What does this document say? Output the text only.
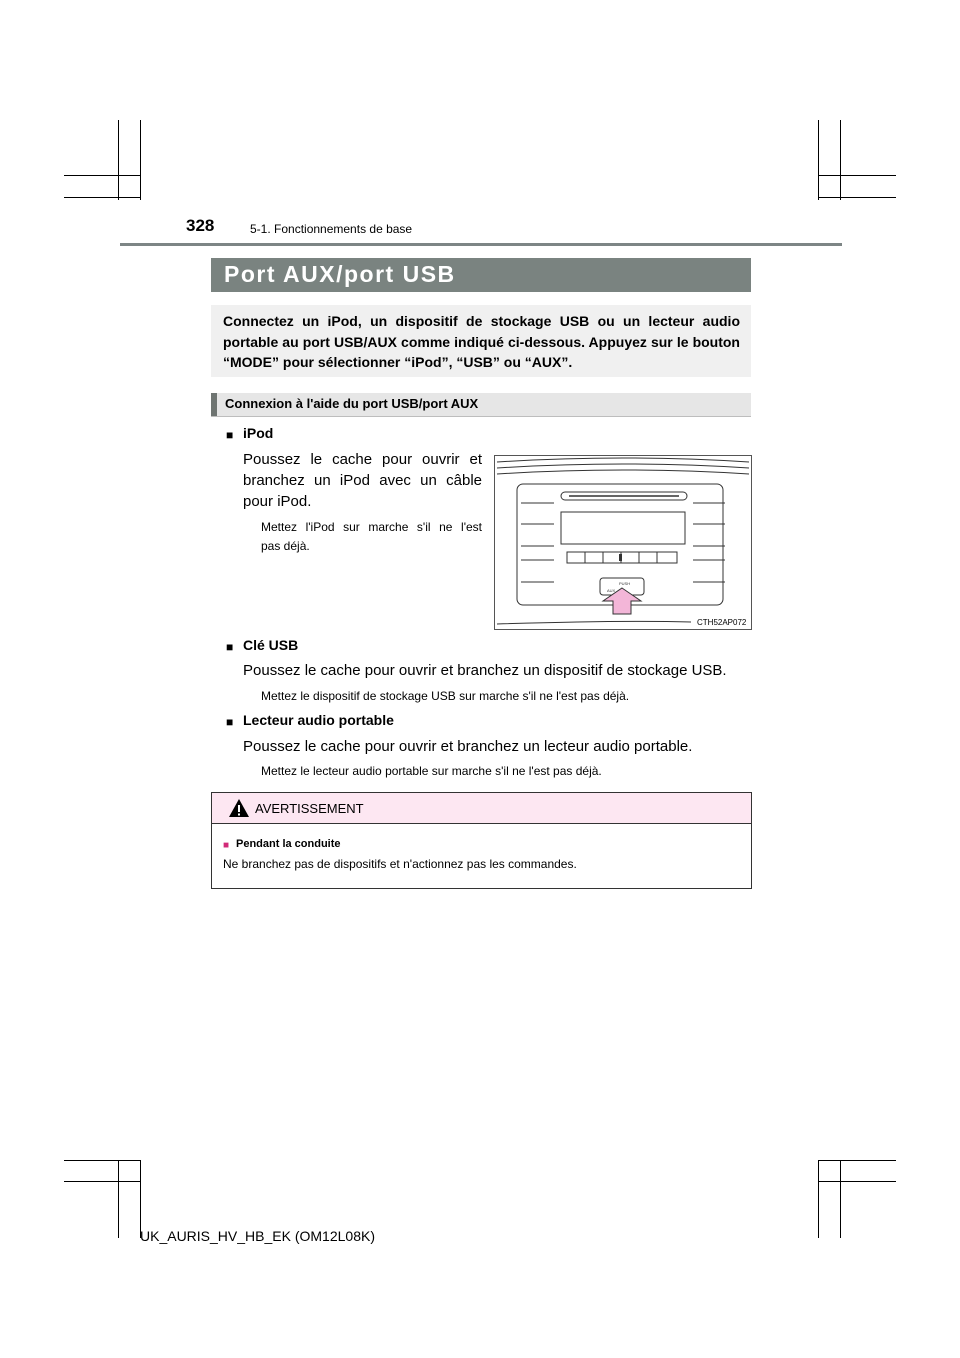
328	5-1. Fonctionnements de base
Port AUX/port USB
Connectez un iPod, un dispositif de stockage USB ou un lecteur audio portable au port USB/AUX comme indiqué ci-dessous. Appuyez sur le bouton “MODE” pour sélectionner “iPod”, “USB” ou “AUX”.
Connexion à l'aide du port USB/port AUX
■ iPod
Poussez le cache pour ouvrir et
branchez un iPod avec un câble
pour iPod.
Mettez l'iPod sur marche s'il ne l'est
pas déjà.
PUSH
AUX
CTH52AP072
■ Clé USB
Poussez le cache pour ouvrir et branchez un dispositif de stockage USB.
Mettez le dispositif de stockage USB sur marche s'il ne l'est pas déjà.
■ Lecteur audio portable
Poussez le cache pour ouvrir et branchez un lecteur audio portable.
Mettez le lecteur audio portable sur marche s'il ne l'est pas déjà.
AVERTISSEMENT
■ Pendant la conduite
Ne branchez pas de dispositifs et n'actionnez pas les commandes.
UK_AURIS_HV_HB_EK (OM12L08K)
